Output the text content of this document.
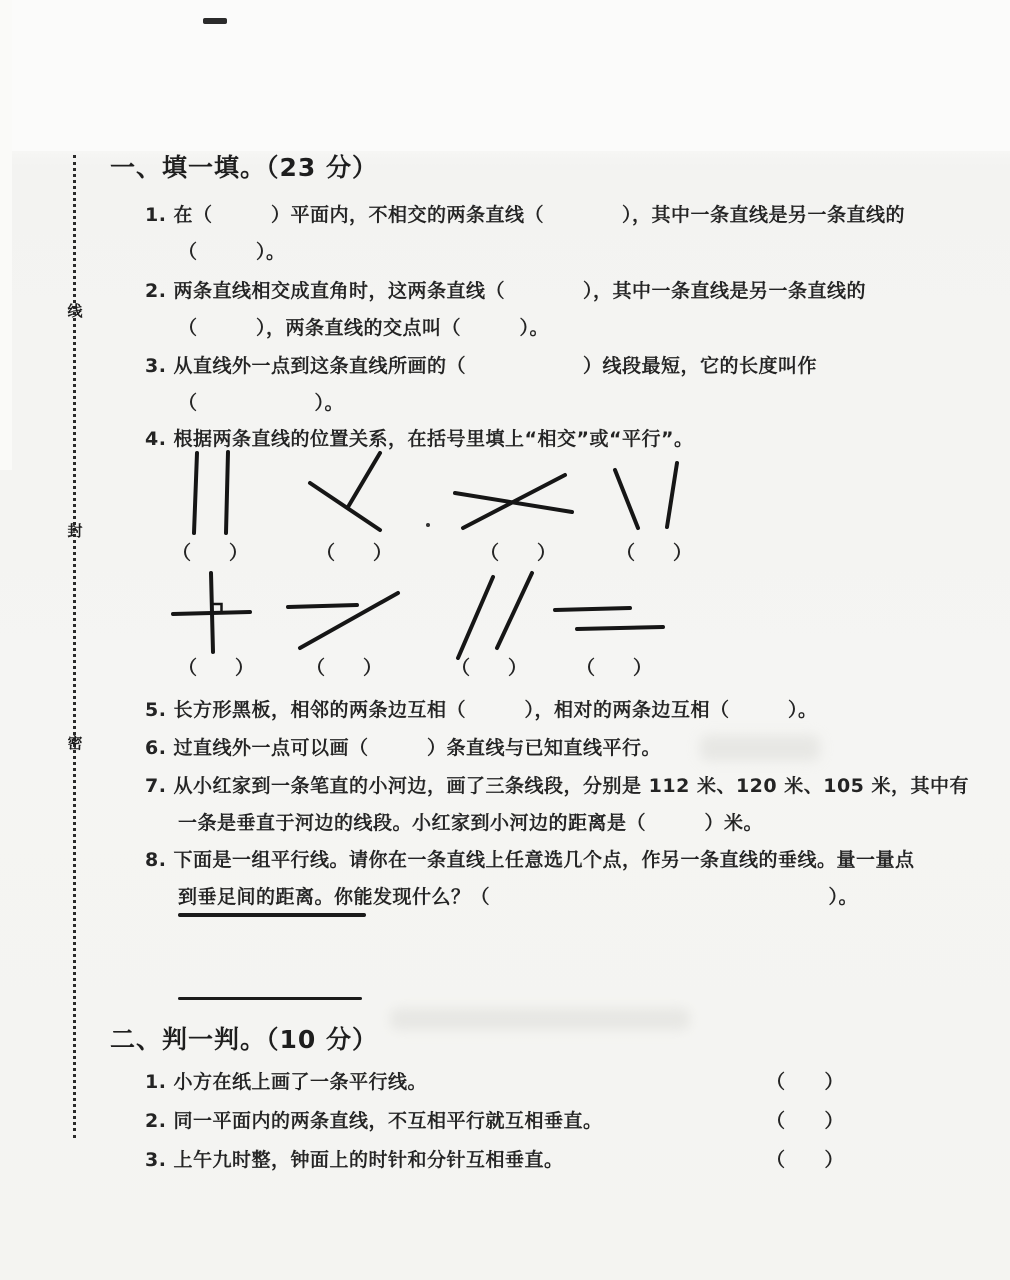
线
封
密
一、填一填。（23 分）
1. 在（　　　）平面内，不相交的两条直线（　　　　），其中一条直线是另一条直线的
（　　　）。
2. 两条直线相交成直角时，这两条直线（　　　　），其中一条直线是另一条直线的
（　　　），两条直线的交点叫（　　　）。
3. 从直线外一点到这条直线所画的（　　　　　　）线段最短，它的长度叫作
（　　　　　　）。
4. 根据两条直线的位置关系，在括号里填上“相交”或“平行”。
（　　）	（　　）	（　　）	（　　）
（　　）	（　　）	（　　）	（　　）
5. 长方形黑板，相邻的两条边互相（　　　），相对的两条边互相（　　　）。
6. 过直线外一点可以画（　　　）条直线与已知直线平行。
7. 从小红家到一条笔直的小河边，画了三条线段，分别是 112 米、120 米、105 米，其中有
一条是垂直于河边的线段。小红家到小河边的距离是（　　　）米。
8. 下面是一组平行线。请你在一条直线上任意选几个点，作另一条直线的垂线。量一量点
到垂足间的距离。你能发现什么？（	）。
二、判一判。（10 分）
1. 小方在纸上画了一条平行线。	（　　）
2. 同一平面内的两条直线，不互相平行就互相垂直。	（　　）
3. 上午九时整，钟面上的时针和分针互相垂直。	（　　）
